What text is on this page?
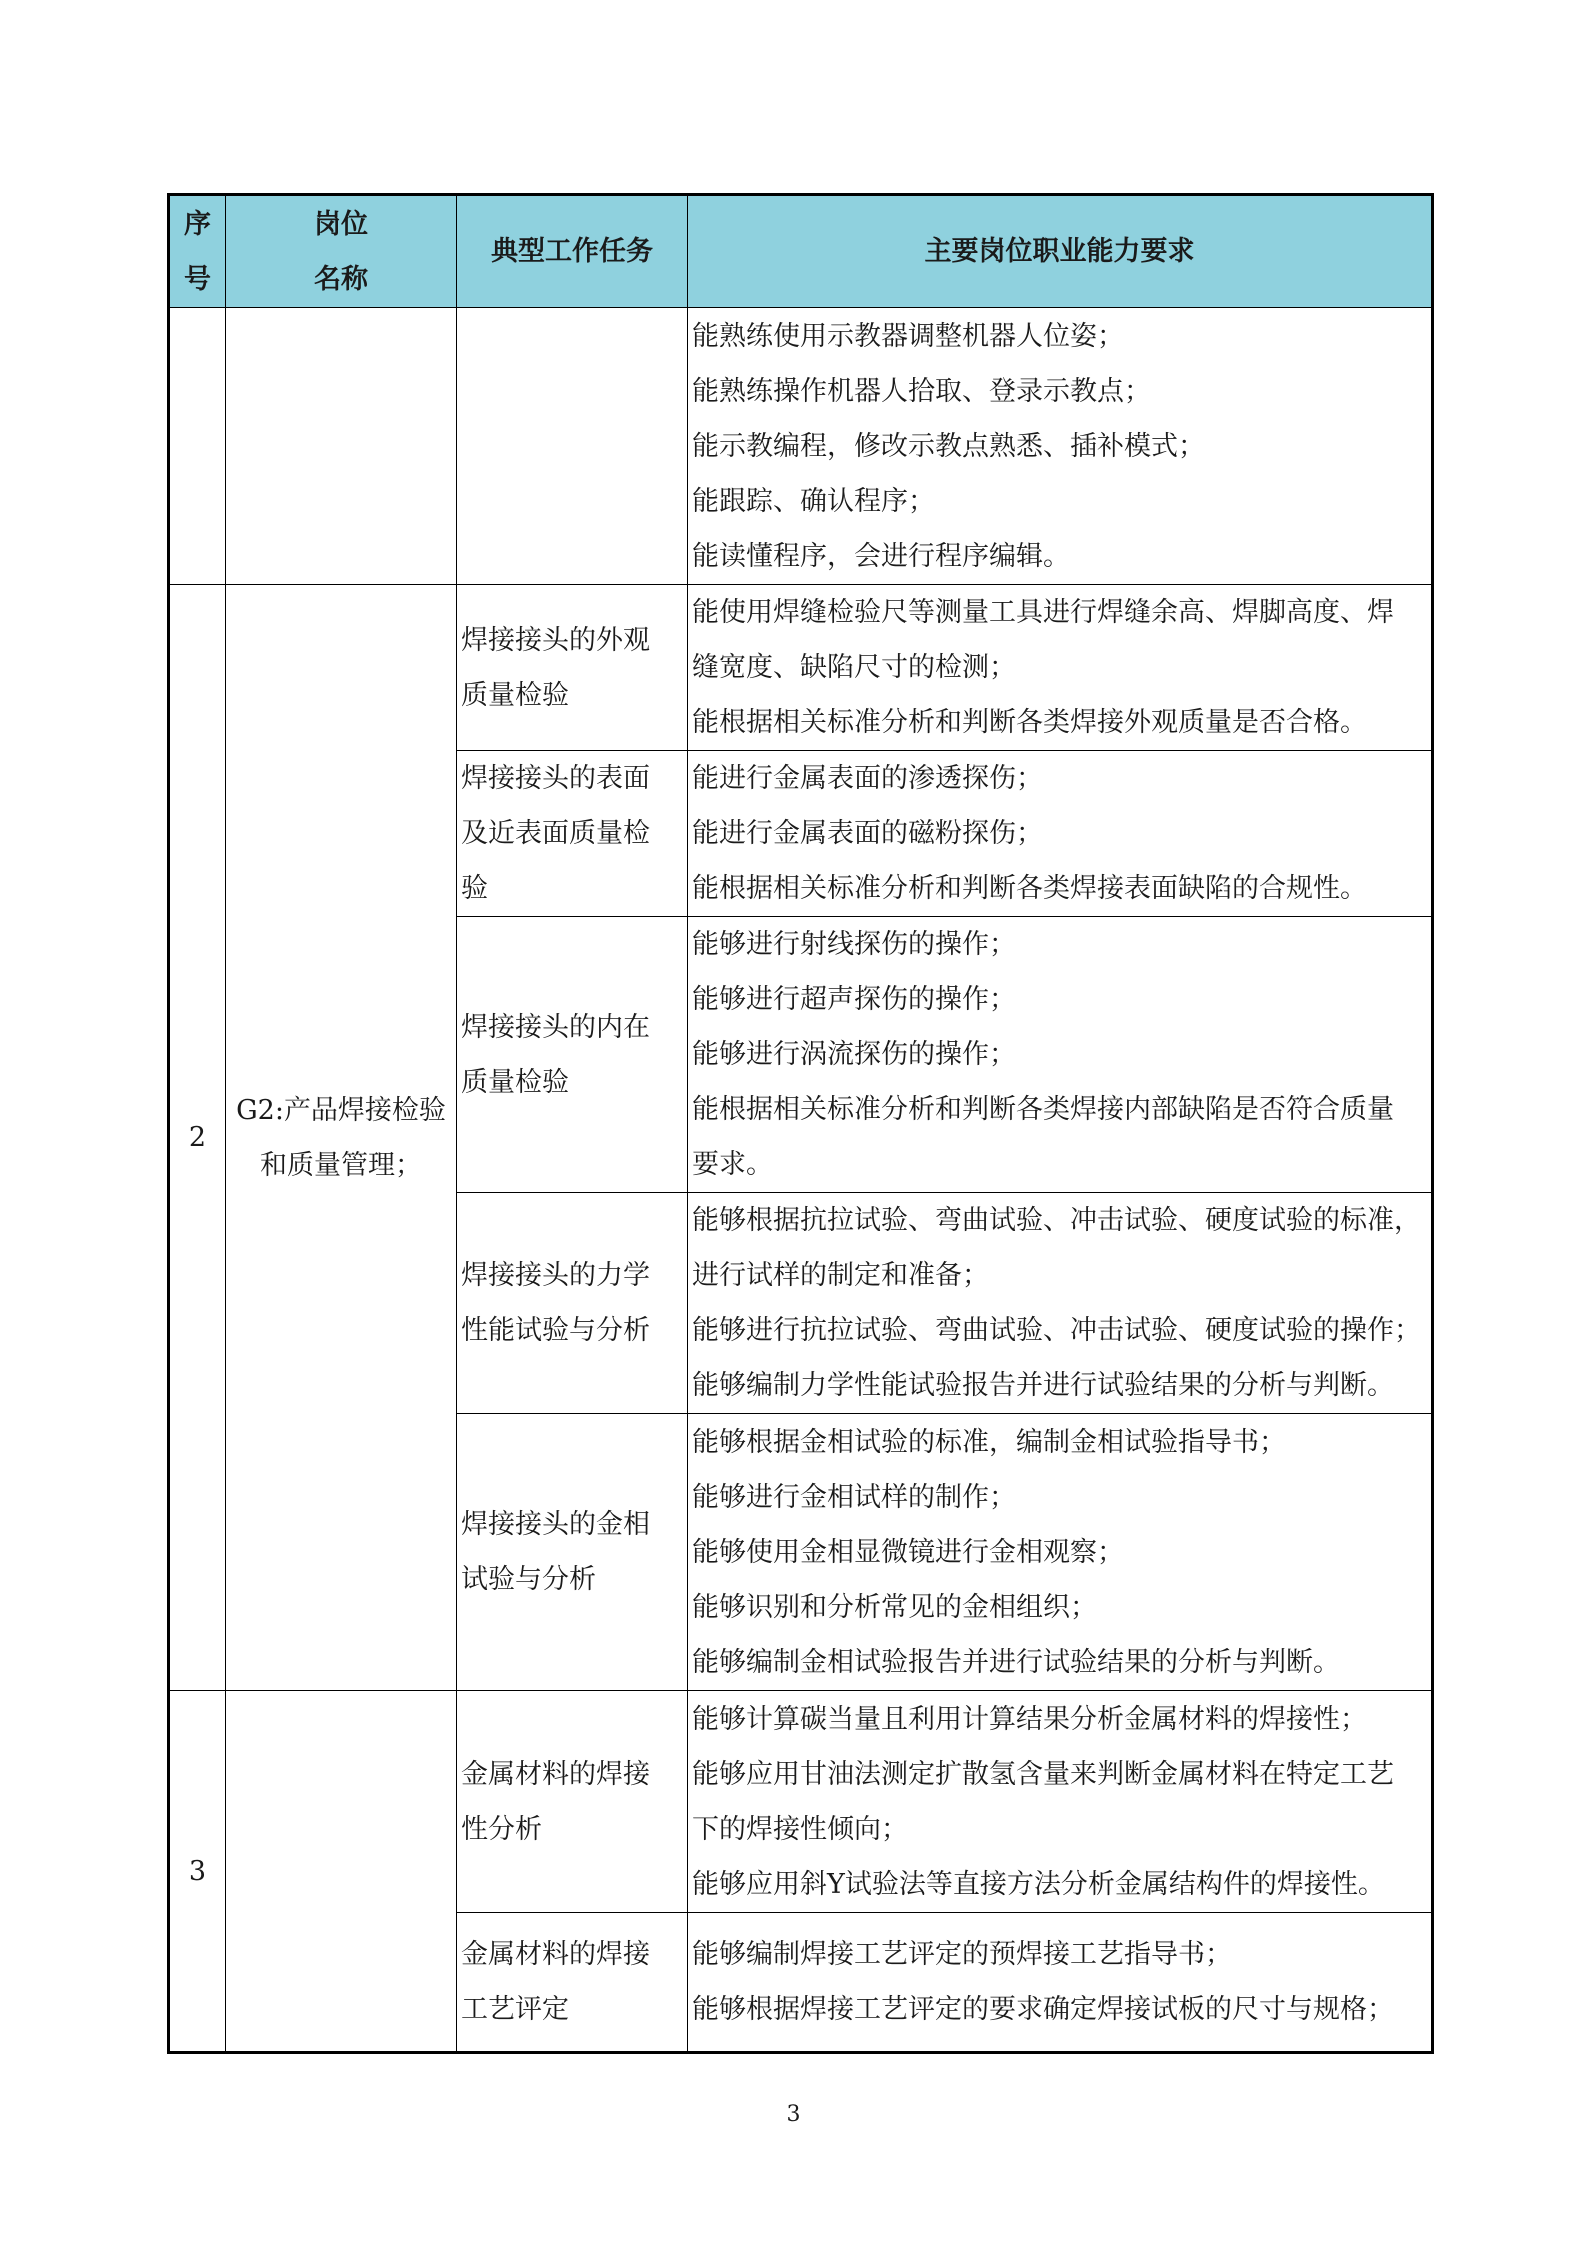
序
号	岗位
名称	典型工作任务	主要岗位职业能力要求

			能熟练使用示教器调整机器人位姿；
能熟练操作机器人拾取、登录示教点；
能示教编程，修改示教点熟悉、插补模式；
能跟踪、确认程序；
能读懂程序，会进行程序编辑。

2	G2:产品焊接检验
和质量管理；	焊接接头的外观
质量检验	能使用焊缝检验尺等测量工具进行焊缝余高、焊脚高度、焊
缝宽度、缺陷尺寸的检测；
能根据相关标准分析和判断各类焊接外观质量是否合格。

		焊接接头的表面
及近表面质量检
验	能进行金属表面的渗透探伤；
能进行金属表面的磁粉探伤；
能根据相关标准分析和判断各类焊接表面缺陷的合规性。

		焊接接头的内在
质量检验	能够进行射线探伤的操作；
能够进行超声探伤的操作；
能够进行涡流探伤的操作；
能根据相关标准分析和判断各类焊接内部缺陷是否符合质量
要求。

		焊接接头的力学
性能试验与分析	能够根据抗拉试验、弯曲试验、冲击试验、硬度试验的标准，
进行试样的制定和准备；
能够进行抗拉试验、弯曲试验、冲击试验、硬度试验的操作；
能够编制力学性能试验报告并进行试验结果的分析与判断。

		焊接接头的金相
试验与分析	能够根据金相试验的标准，编制金相试验指导书；
能够进行金相试样的制作；
能够使用金相显微镜进行金相观察；
能够识别和分析常见的金相组织；
能够编制金相试验报告并进行试验结果的分析与判断。

3		金属材料的焊接
性分析	能够计算碳当量且利用计算结果分析金属材料的焊接性；
能够应用甘油法测定扩散氢含量来判断金属材料在特定工艺
下的焊接性倾向；
能够应用斜Y试验法等直接方法分析金属结构件的焊接性。

		金属材料的焊接
工艺评定	能够编制焊接工艺评定的预焊接工艺指导书；
能够根据焊接工艺评定的要求确定焊接试板的尺寸与规格；
3
